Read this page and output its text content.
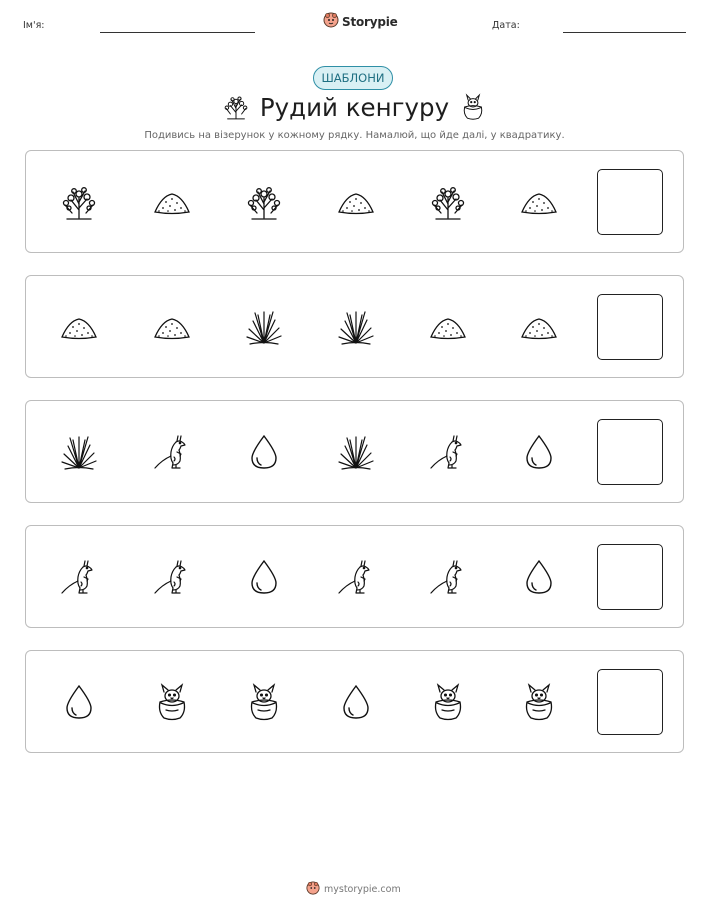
Ім'я:	Storypie	Дата:
ШАБЛОНИ
Рудий кенгуру
Подивись на візерунок у кожному рядку. Намалюй, що йде далі, у квадратику.
mystorypie.com
